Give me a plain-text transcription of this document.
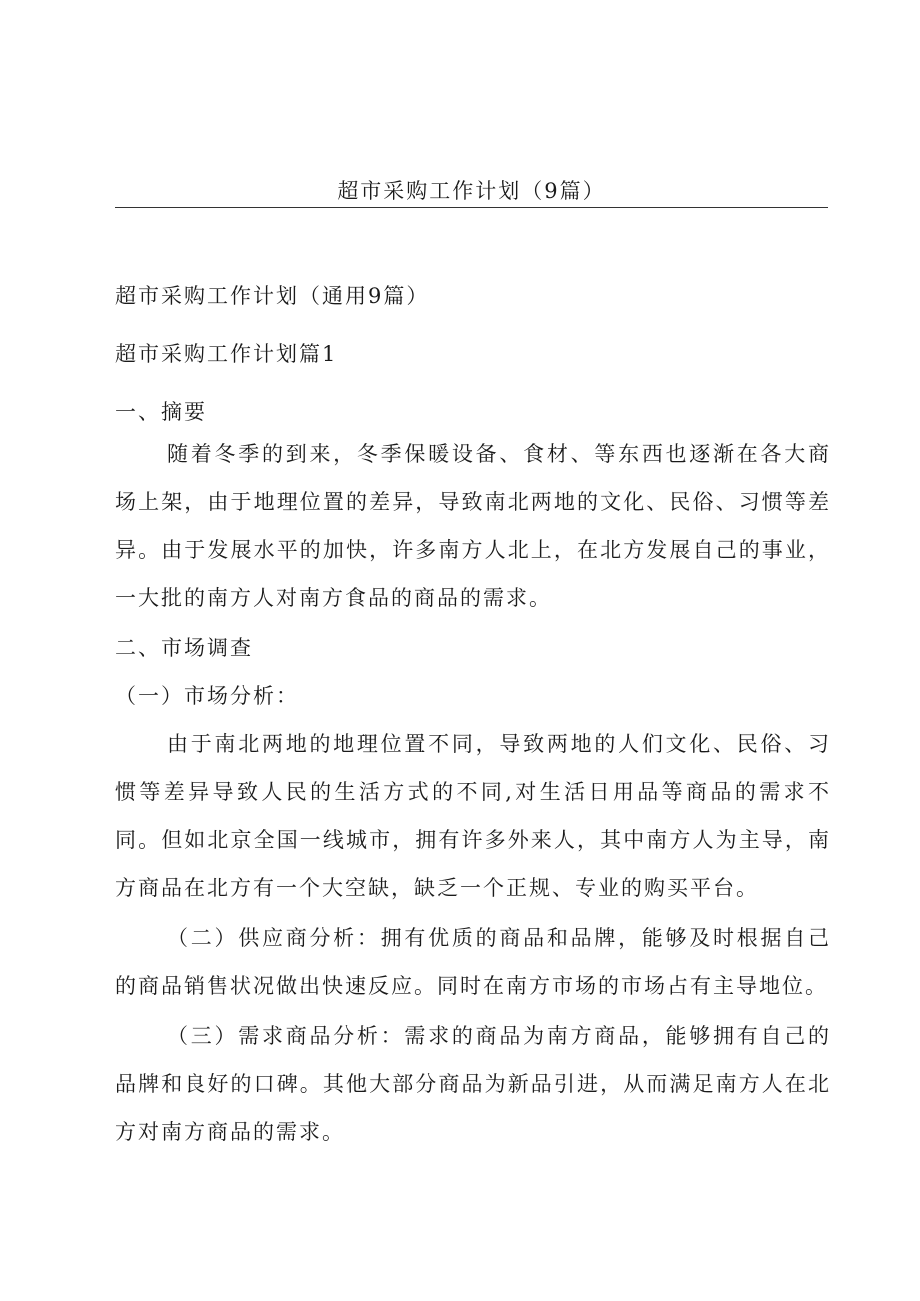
超市采购工作计划（9篇）

超市采购工作计划（通用9篇）

超市采购工作计划篇1

一、摘要

随着冬季的到来，冬季保暖设备、食材、等东西也逐渐在各大商场上架，由于地理位置的差异，导致南北两地的文化、民俗、习惯等差异。由于发展水平的加快，许多南方人北上，在北方发展自己的事业，一大批的南方人对南方食品的商品的需求。

二、市场调查

（一）市场分析：

由于南北两地的地理位置不同，导致两地的人们文化、民俗、习惯等差异导致人民的生活方式的不同,对生活日用品等商品的需求不同。但如北京全国一线城市，拥有许多外来人，其中南方人为主导，南方商品在北方有一个大空缺，缺乏一个正规、专业的购买平台。

（二）供应商分析：拥有优质的商品和品牌，能够及时根据自己的商品销售状况做出快速反应。同时在南方市场的市场占有主导地位。

（三）需求商品分析：需求的商品为南方商品，能够拥有自己的品牌和良好的口碑。其他大部分商品为新品引进，从而满足南方人在北方对南方商品的需求。
